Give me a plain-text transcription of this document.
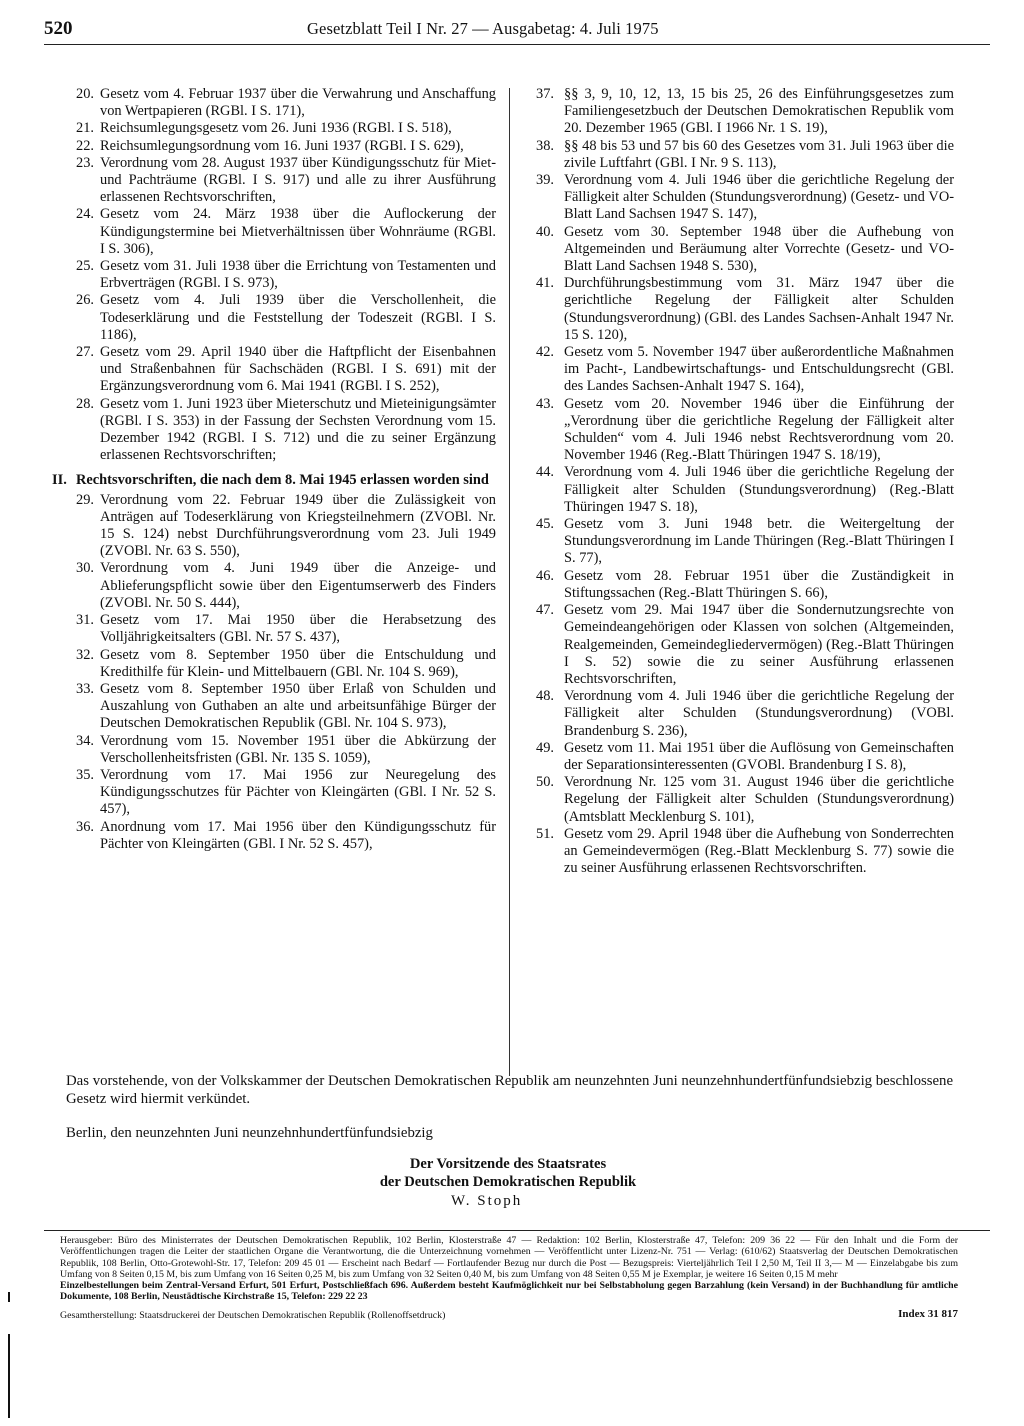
520	Gesetzblatt Teil I Nr. 27 — Ausgabetag: 4. Juli 1975
20. Gesetz vom 4. Februar 1937 über die Verwahrung und Anschaffung von Wertpapieren (RGBl. I S. 171),
21. Reichsumlegungsgesetz vom 26. Juni 1936 (RGBl. I S. 518),
22. Reichsumlegungsordnung vom 16. Juni 1937 (RGBl. I S. 629),
23. Verordnung vom 28. August 1937 über Kündigungsschutz für Miet- und Pachträume (RGBl. I S. 917) und alle zu ihrer Ausführung erlassenen Rechtsvorschriften,
24. Gesetz vom 24. März 1938 über die Auflockerung der Kündigungstermine bei Mietverhältnissen über Wohnräume (RGBl. I S. 306),
25. Gesetz vom 31. Juli 1938 über die Errichtung von Testamenten und Erbverträgen (RGBl. I S. 973),
26. Gesetz vom 4. Juli 1939 über die Verschollenheit, die Todeserklärung und die Feststellung der Todeszeit (RGBl. I S. 1186),
27. Gesetz vom 29. April 1940 über die Haftpflicht der Eisenbahnen und Straßenbahnen für Sachschäden (RGBl. I S. 691) mit der Ergänzungsverordnung vom 6. Mai 1941 (RGBl. I S. 252),
28. Gesetz vom 1. Juni 1923 über Mieterschutz und Mieteinigungsämter (RGBl. I S. 353) in der Fassung der Sechsten Verordnung vom 15. Dezember 1942 (RGBl. I S. 712) und die zu seiner Ergänzung erlassenen Rechtsvorschriften;
II. Rechtsvorschriften, die nach dem 8. Mai 1945 erlassen worden sind
29. Verordnung vom 22. Februar 1949 über die Zulässigkeit von Anträgen auf Todeserklärung von Kriegsteilnehmern (ZVOBl. Nr. 15 S. 124) nebst Durchführungsverordnung vom 23. Juli 1949 (ZVOBl. Nr. 63 S. 550),
30. Verordnung vom 4. Juni 1949 über die Anzeige- und Ablieferungspflicht sowie über den Eigentumserwerb des Finders (ZVOBl. Nr. 50 S. 444),
31. Gesetz vom 17. Mai 1950 über die Herabsetzung des Volljährigkeitsalters (GBl. Nr. 57 S. 437),
32. Gesetz vom 8. September 1950 über die Entschuldung und Kredithilfe für Klein- und Mittelbauern (GBl. Nr. 104 S. 969),
33. Gesetz vom 8. September 1950 über Erlaß von Schulden und Auszahlung von Guthaben an alte und arbeitsunfähige Bürger der Deutschen Demokratischen Republik (GBl. Nr. 104 S. 973),
34. Verordnung vom 15. November 1951 über die Abkürzung der Verschollenheitsfristen (GBl. Nr. 135 S. 1059),
35. Verordnung vom 17. Mai 1956 zur Neuregelung des Kündigungsschutzes für Pächter von Kleingärten (GBl. I Nr. 52 S. 457),
36. Anordnung vom 17. Mai 1956 über den Kündigungsschutz für Pächter von Kleingärten (GBl. I Nr. 52 S. 457),
37. §§ 3, 9, 10, 12, 13, 15 bis 25, 26 des Einführungsgesetzes zum Familiengesetzbuch der Deutschen Demokratischen Republik vom 20. Dezember 1965 (GBl. I 1966 Nr. 1 S. 19),
38. §§ 48 bis 53 und 57 bis 60 des Gesetzes vom 31. Juli 1963 über die zivile Luftfahrt (GBl. I Nr. 9 S. 113),
39. Verordnung vom 4. Juli 1946 über die gerichtliche Regelung der Fälligkeit alter Schulden (Stundungsverordnung) (Gesetz- und VO-Blatt Land Sachsen 1947 S. 147),
40. Gesetz vom 30. September 1948 über die Aufhebung von Altgemeinden und Beräumung alter Vorrechte (Gesetz- und VO-Blatt Land Sachsen 1948 S. 530),
41. Durchführungsbestimmung vom 31. März 1947 über die gerichtliche Regelung der Fälligkeit alter Schulden (Stundungsverordnung) (GBl. des Landes Sachsen-Anhalt 1947 Nr. 15 S. 120),
42. Gesetz vom 5. November 1947 über außerordentliche Maßnahmen im Pacht-, Landbewirtschaftungs- und Entschuldungsrecht (GBl. des Landes Sachsen-Anhalt 1947 S. 164),
43. Gesetz vom 20. November 1946 über die Einführung der „Verordnung über die gerichtliche Regelung der Fälligkeit alter Schulden“ vom 4. Juli 1946 nebst Rechtsverordnung vom 20. November 1946 (Reg.-Blatt Thüringen 1947 S. 18/19),
44. Verordnung vom 4. Juli 1946 über die gerichtliche Regelung der Fälligkeit alter Schulden (Stundungsverordnung) (Reg.-Blatt Thüringen 1947 S. 18),
45. Gesetz vom 3. Juni 1948 betr. die Weitergeltung der Stundungsverordnung im Lande Thüringen (Reg.-Blatt Thüringen I S. 77),
46. Gesetz vom 28. Februar 1951 über die Zuständigkeit in Stiftungssachen (Reg.-Blatt Thüringen S. 66),
47. Gesetz vom 29. Mai 1947 über die Sondernutzungsrechte von Gemeindeangehörigen oder Klassen von solchen (Altgemeinden, Realgemeinden, Gemeindegliedervermögen) (Reg.-Blatt Thüringen I S. 52) sowie die zu seiner Ausführung erlassenen Rechtsvorschriften,
48. Verordnung vom 4. Juli 1946 über die gerichtliche Regelung der Fälligkeit alter Schulden (Stundungsverordnung) (VOBl. Brandenburg S. 236),
49. Gesetz vom 11. Mai 1951 über die Auflösung von Gemeinschaften der Separationsinteressenten (GVOBl. Brandenburg I S. 8),
50. Verordnung Nr. 125 vom 31. August 1946 über die gerichtliche Regelung der Fälligkeit alter Schulden (Stundungsverordnung) (Amtsblatt Mecklenburg S. 101),
51. Gesetz vom 29. April 1948 über die Aufhebung von Sonderrechten an Gemeindevermögen (Reg.-Blatt Mecklenburg S. 77) sowie die zu seiner Ausführung erlassenen Rechtsvorschriften.
Das vorstehende, von der Volkskammer der Deutschen Demokratischen Republik am neunzehnten Juni neunzehnhundertfünfundsiebzig beschlossene Gesetz wird hiermit verkündet.
Berlin, den neunzehnten Juni neunzehnhundertfünfundsiebzig
Der Vorsitzende des Staatsrates
der Deutschen Demokratischen Republik
W. Stoph
Herausgeber: Büro des Ministerrates der Deutschen Demokratischen Republik, 102 Berlin, Klosterstraße 47 — Redaktion: 102 Berlin, Klosterstraße 47, Telefon: 209 36 22 — Für den Inhalt und die Form der Veröffentlichungen tragen die Leiter der staatlichen Organe die Verantwortung, die die Unterzeichnung vornehmen — Veröffentlicht unter Lizenz-Nr. 751 — Verlag: (610/62) Staatsverlag der Deutschen Demokratischen Republik, 108 Berlin, Otto-Grotewohl-Str. 17, Telefon: 209 45 01 — Erscheint nach Bedarf — Fortlaufender Bezug nur durch die Post — Bezugspreis: Vierteljährlich Teil I 2,50 M, Teil II 3,— M — Einzelabgabe bis zum Umfang von 8 Seiten 0,15 M, bis zum Umfang von 16 Seiten 0,25 M, bis zum Umfang von 32 Seiten 0,40 M, bis zum Umfang von 48 Seiten 0,55 M je Exemplar, je weitere 16 Seiten 0,15 M mehr
Einzelbestellungen beim Zentral-Versand Erfurt, 501 Erfurt, Postschließfach 696. Außerdem besteht Kaufmöglichkeit nur bei Selbstabholung gegen Barzahlung (kein Versand) in der Buchhandlung für amtliche Dokumente, 108 Berlin, Neustädtische Kirchstraße 15, Telefon: 229 22 23
Gesamtherstellung: Staatsdruckerei der Deutschen Demokratischen Republik (Rollenoffsetdruck)	Index 31 817
